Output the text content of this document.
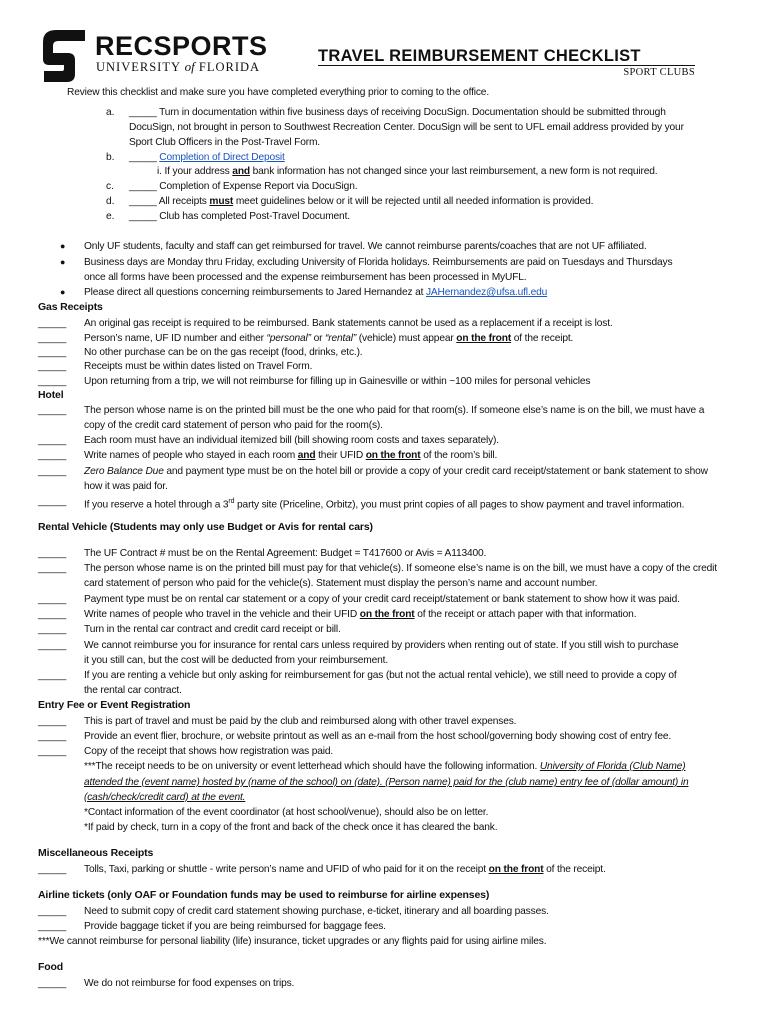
RECSPORTS
UNIVERSITY of FLORIDA
TRAVEL REIMBURSEMENT CHECKLIST
SPORT CLUBS
Review this checklist and make sure you have completed everything prior to coming to the office.
a. _____ Turn in documentation within five business days of receiving DocuSign. Documentation should be submitted through
DocuSign, not brought in person to Southwest Recreation Center. DocuSign will be sent to UFL email address provided by your
Sport Club Officers in the Post-Travel Form.
b. _____ Completion of Direct Deposit
i. If your address and bank information has not changed since your last reimbursement, a new form is not required.
c. _____ Completion of Expense Report via DocuSign.
d. _____ All receipts must meet guidelines below or it will be rejected until all needed information is provided.
e. _____ Club has completed Post-Travel Document.
● Only UF students, faculty and staff can get reimbursed for travel. We cannot reimburse parents/coaches that are not UF affiliated.
● Business days are Monday thru Friday, excluding University of Florida holidays. Reimbursements are paid on Tuesdays and Thursdays
once all forms have been processed and the expense reimbursement has been processed in MyUFL.
● Please direct all questions concerning reimbursements to Jared Hernandez at JAHernandez@ufsa.ufl.edu
Gas Receipts
_____ An original gas receipt is required to be reimbursed. Bank statements cannot be used as a replacement if a receipt is lost.
_____ Person’s name, UF ID number and either “personal” or “rental” (vehicle) must appear on the front of the receipt.
_____ No other purchase can be on the gas receipt (food, drinks, etc.).
_____ Receipts must be within dates listed on Travel Form.
_____ Upon returning from a trip, we will not reimburse for filling up in Gainesville or within ~100 miles for personal vehicles
Hotel
_____ The person whose name is on the printed bill must be the one who paid for that room(s). If someone else’s name is on the bill, we must have a
copy of the credit card statement of person who paid for the room(s).
_____ Each room must have an individual itemized bill (bill showing room costs and taxes separately).
_____ Write names of people who stayed in each room and their UFID on the front of the room’s bill.
_____ Zero Balance Due and payment type must be on the hotel bill or provide a copy of your credit card receipt/statement or bank statement to show
how it was paid for.
_____ If you reserve a hotel through a 3rd party site (Priceline, Orbitz), you must print copies of all pages to show payment and travel information.
Rental Vehicle (Students may only use Budget or Avis for rental cars)
_____ The UF Contract # must be on the Rental Agreement: Budget = T417600 or Avis = A113400.
_____ The person whose name is on the printed bill must pay for that vehicle(s). If someone else’s name is on the bill, we must have a copy of the credit
card statement of person who paid for the vehicle(s). Statement must display the person’s name and account number.
_____ Payment type must be on rental car statement or a copy of your credit card receipt/statement or bank statement to show how it was paid.
_____ Write names of people who travel in the vehicle and their UFID on the front of the receipt or attach paper with that information.
_____ Turn in the rental car contract and credit card receipt or bill.
_____ We cannot reimburse you for insurance for rental cars unless required by providers when renting out of state. If you still wish to purchase
it you still can, but the cost will be deducted from your reimbursement.
_____ If you are renting a vehicle but only asking for reimbursement for gas (but not the actual rental vehicle), we still need to provide a copy of
the rental car contract.
Entry Fee or Event Registration
_____ This is part of travel and must be paid by the club and reimbursed along with other travel expenses.
_____ Provide an event flier, brochure, or website printout as well as an e-mail from the host school/governing body showing cost of entry fee.
_____ Copy of the receipt that shows how registration was paid.
***The receipt needs to be on university or event letterhead which should have the following information. University of Florida (Club Name)
attended the (event name) hosted by (name of the school) on (date). (Person name) paid for the (club name) entry fee of (dollar amount) in
(cash/check/credit card) at the event.
*Contact information of the event coordinator (at host school/venue), should also be on letter.
*If paid by check, turn in a copy of the front and back of the check once it has cleared the bank.
Miscellaneous Receipts
_____ Tolls, Taxi, parking or shuttle - write person’s name and UFID of who paid for it on the receipt on the front of the receipt.
Airline tickets (only OAF or Foundation funds may be used to reimburse for airline expenses)
_____ Need to submit copy of credit card statement showing purchase, e-ticket, itinerary and all boarding passes.
_____ Provide baggage ticket if you are being reimbursed for baggage fees.
***We cannot reimburse for personal liability (life) insurance, ticket upgrades or any flights paid for using airline miles.
Food
_____ We do not reimburse for food expenses on trips.
